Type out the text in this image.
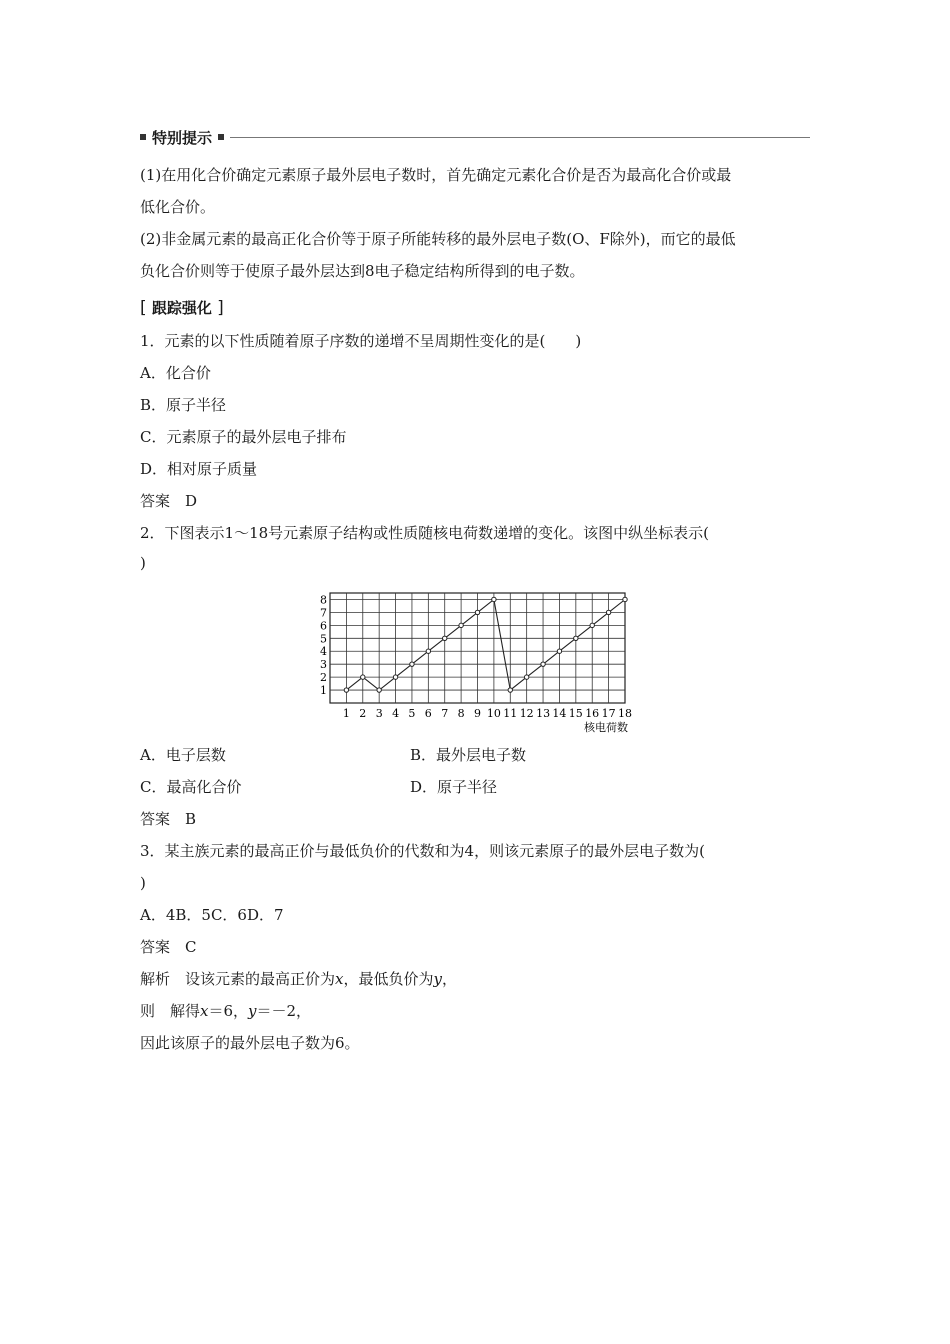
特别提示
(1)在用化合价确定元素原子最外层电子数时，首先确定元素化合价是否为最高化合价或最
低化合价。
(2)非金属元素的最高正化合价等于原子所能转移的最外层电子数(O、F除外)，而它的最低
负化合价则等于使原子最外层达到8电子稳定结构所得到的电子数。
[ 跟踪强化 ]
1．元素的以下性质随着原子序数的递增不呈周期性变化的是(　　)
A．化合价
B．原子半径
C．元素原子的最外层电子排布
D．相对原子质量
答案　D
2．下图表示1～18号元素原子结构或性质随核电荷数递增的变化。该图中纵坐标表示(
)
1
2
3
4
5
6
7
8
1 2 3 4 5 6 7 8 9 10 11 12 13 14 15 16 17 18
核电荷数
A．电子层数	B．最外层电子数
C．最高化合价	D．原子半径
答案　B
3．某主族元素的最高正价与最低负价的代数和为4，则该元素原子的最外层电子数为(
)
A．4B．5C．6D．7
答案　C
解析　设该元素的最高正价为x，最低负价为y，
则　解得x＝6，y＝－2，
因此该原子的最外层电子数为6。
